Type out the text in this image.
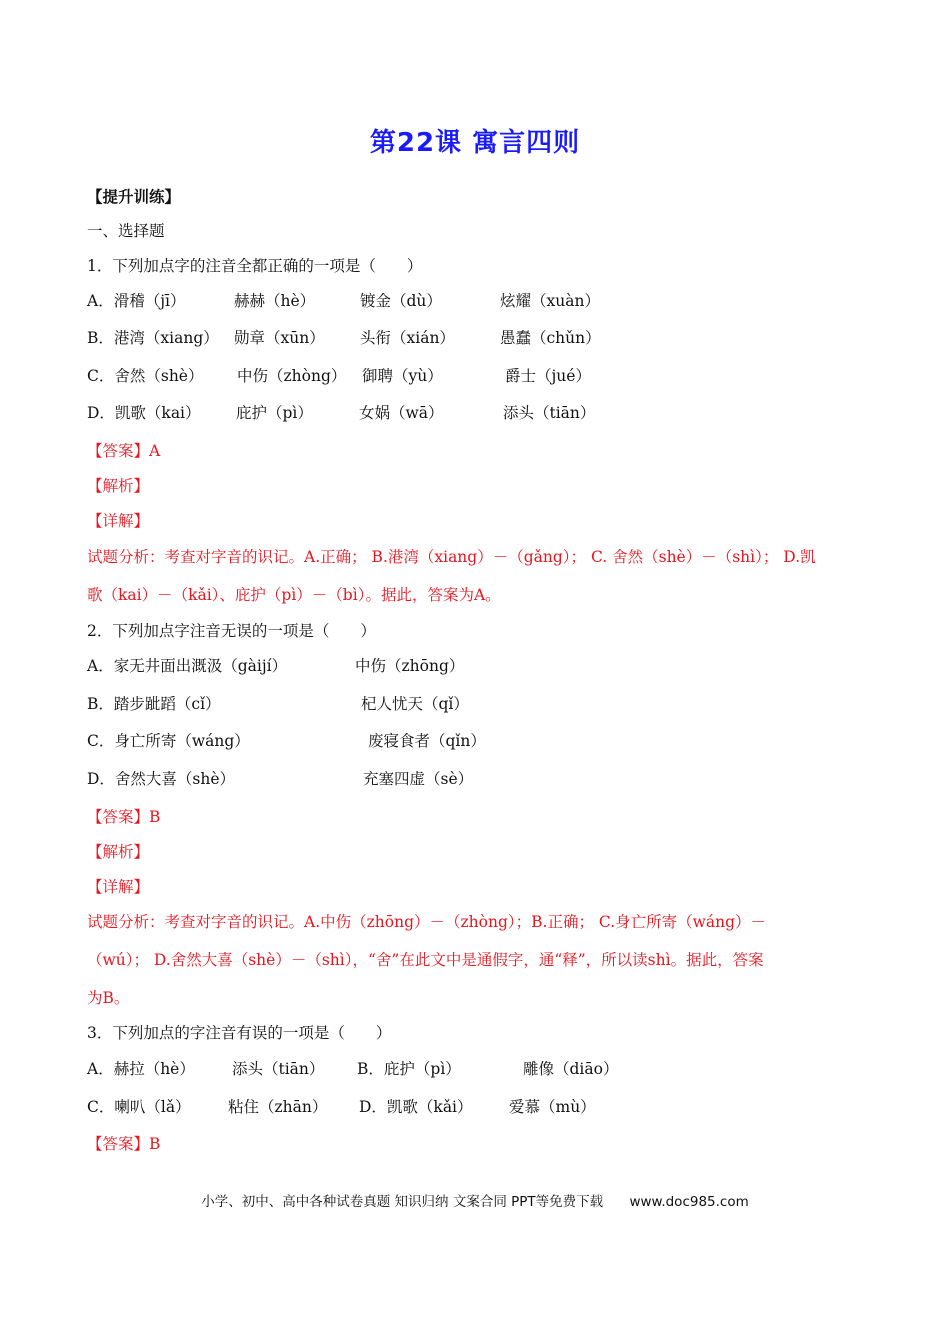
第22课 寓言四则
【提升训练】
一、选择题
1．下列加点字的注音全都正确的一项是（　　）
A．滑稽（jī）	赫赫（hè）	镀金（dù）	炫耀（xuàn）
B．港湾（xiang） 勋章（xūn） 头衔（xián）	愚蠢（chǔn）
C．舍然（shè） 中伤（zhòng） 御聘（yù）	爵士（jué）
D．凯歌（kai） 庇护（pì）	女娲（wā）	添头（tiān）
【答案】A
【解析】
【详解】
试题分析：考查对字音的识记。A.正确； B.港湾（xiang）－（gǎng）； C. 舍然（shè）－（shì）； D.凯
歌（kai）－（kǎi）、庇护（pì）－（bì）。据此，答案为A。
2．下列加点字注音无误的一项是（　　）
A．家无井面出溉汲（gàijí）	中伤（zhōng）
B．踏步跐蹈（cǐ）	杞人忧天（qǐ）
C．身亡所寄（wáng）	废寝食者（qǐn）
D．舍然大喜（shè）	充塞四虚（sè）
【答案】B
【解析】
【详解】
试题分析：考查对字音的识记。A.中伤（zhōng）－（zhòng）；B.正确； C.身亡所寄（wáng）－
（wú）； D.舍然大喜（shè）－（shì），“舍”在此文中是通假字，通“释”，所以读shì。据此，答案
为B。
3．下列加点的字注音有误的一项是（　　）
A．赫拉（hè） 添头（tiān） B．庇护（pì）	雕像（diāo）
C．喇叭（lǎ） 粘住（zhān） D．凯歌（kǎi） 爱慕（mù）
【答案】B
小学、初中、高中各种试卷真题 知识归纳 文案合同 PPT等免费下载 www.doc985.com
